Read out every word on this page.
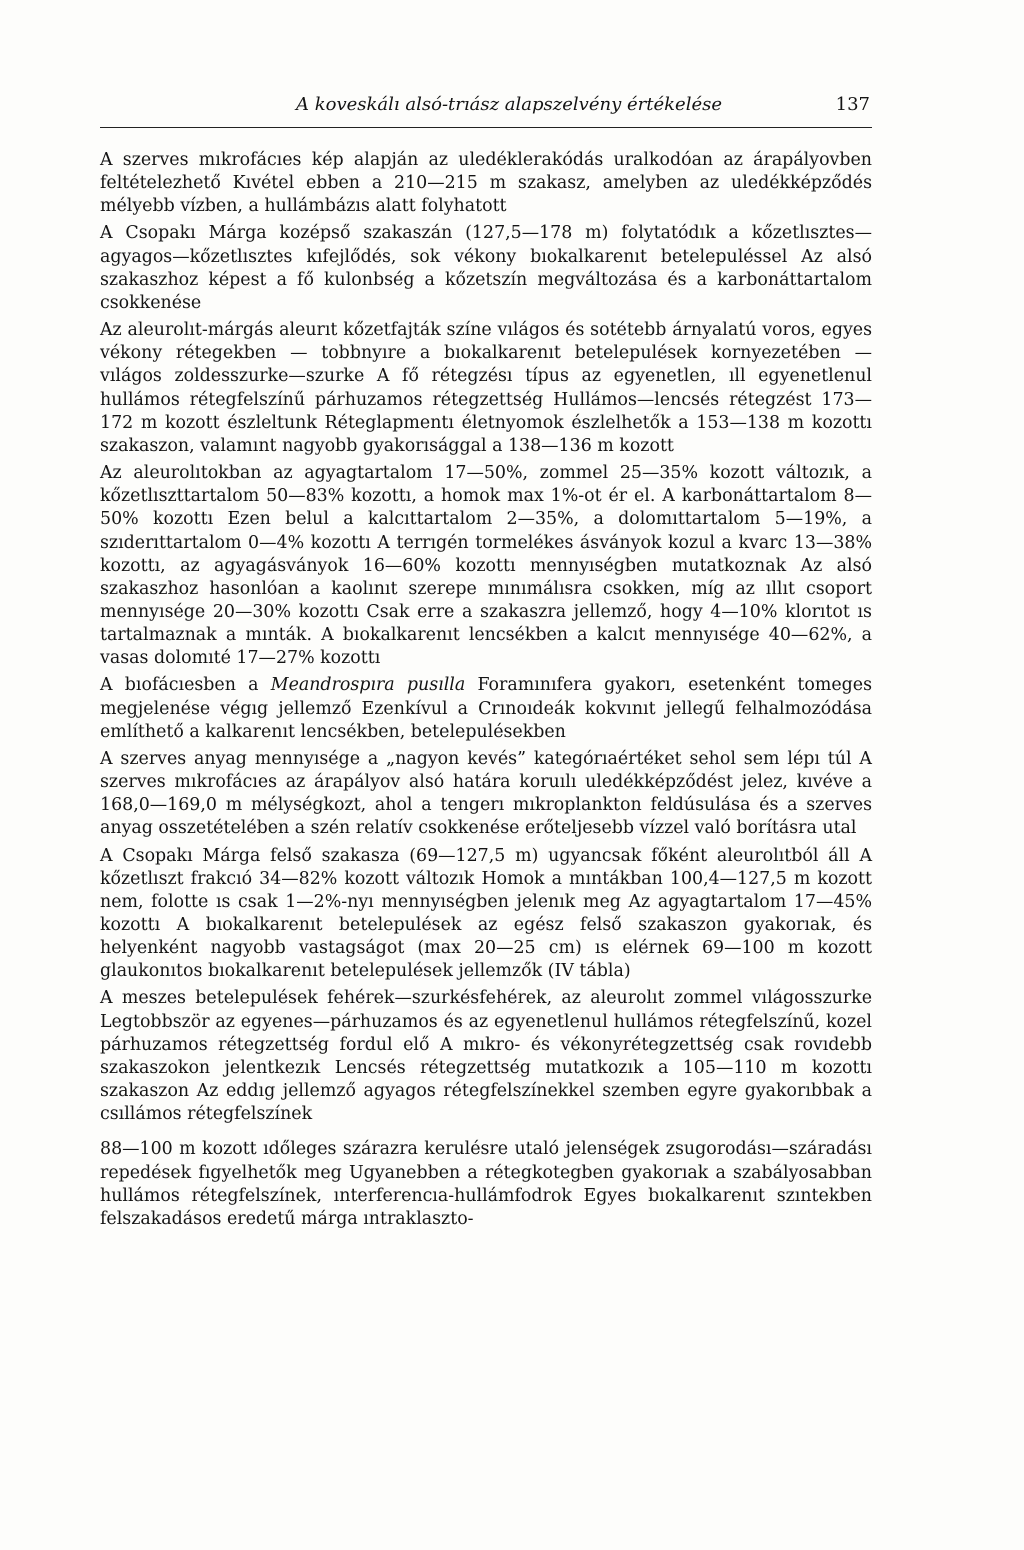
A koveskálı alsó-trıász alapszelvény értékelése	137

A szerves mıkrofácıes kép alapján az uledéklerakódás uralkodóan az árapályovben feltételezhető Kıvétel ebben a 210—215 m szakasz, amelyben az uledékképződés mélyebb vízben, a hullámbázıs alatt folyhatott

A Csopakı Márga kozépső szakaszán (127,5—178 m) folytatódık a kőzetlısztes—agyagos—kőzetlısztes kıfejlődés, sok vékony bıokalkarenıt betelepuléssel Az alsó szakaszhoz képest a fő kulonbség a kőzetszín megváltozása és a karbonáttartalom csokkenése

Az aleurolıt-márgás aleurıt kőzetfajták színe vılágos és sotétebb árnyalatú voros, egyes vékony rétegekben — tobbnyıre a bıokalkarenıt betelepulések kornyezetében — vılágos zoldesszurke—szurke A fő rétegzésı típus az egyenetlen, ıll egyenetlenul hullámos rétegfelszínű párhuzamos rétegzettség Hullámos—lencsés rétegzést 173—172 m kozott észleltunk Réteglapmentı életnyomok észlelhetők a 153—138 m kozottı szakaszon, valamınt nagyobb gyakorısággal a 138—136 m kozott

Az aleurolıtokban az agyagtartalom 17—50%, zommel 25—35% kozott változık, a kőzetlıszttartalom 50—83% kozottı, a homok max 1%-ot ér el. A karbonáttartalom 8—50% kozottı Ezen belul a kalcıttartalom 2—35%, a dolomıttartalom 5—19%, a szıderıttartalom 0—4% kozottı A terrıgén tormelékes ásványok kozul a kvarc 13—38% kozottı, az agyagásványok 16—60% kozottı mennyıségben mutatkoznak Az alsó szakaszhoz hasonlóan a kaolınıt szerepe mınımálısra csokken, míg az ıllıt csoport mennyısége 20—30% kozottı Csak erre a szakaszra jellemző, hogy 4—10% klorıtot ıs tartalmaznak a mınták. A bıokalkarenıt lencsékben a kalcıt mennyısége 40—62%, a vasas dolomıté 17—27% kozottı

A bıofácıesben a Meandrospıra pusılla Foramınıfera gyakorı, esetenként tomeges megjelenése végıg jellemző Ezenkívul a Crınoıdeák kokvınıt jellegű felhalmozódása említhető a kalkarenıt lencsékben, betelepulésekben

A szerves anyag mennyısége a „nagyon kevés” kategórıaértéket sehol sem lépı túl A szerves mıkrofácıes az árapályov alsó határa koruılı uledékképződést jelez, kıvéve a 168,0—169,0 m mélységkozt, ahol a tengerı mıkroplankton feldúsulása és a szerves anyag osszetételében a szén relatív csokkenése erőteljesebb vízzel való borításra utal

A Csopakı Márga felső szakasza (69—127,5 m) ugyancsak főként aleurolıtból áll A kőzetlıszt frakcıó 34—82% kozott változık Homok a mıntákban 100,4—127,5 m kozott nem, folotte ıs csak 1—2%-nyı mennyıségben jelenık meg Az agyagtartalom 17—45% kozottı A bıokalkarenıt betelepulések az egész felső szakaszon gyakorıak, és helyenként nagyobb vastagságot (max 20—25 cm) ıs elérnek 69—100 m kozott glaukonıtos bıokalkarenıt betelepulések jellemzők (IV tábla)

A meszes betelepulések fehérek—szurkésfehérek, az aleurolıt zommel vılágosszurke Legtobbször az egyenes—párhuzamos és az egyenetlenul hullámos rétegfelszínű, kozel párhuzamos rétegzettség fordul elő A mıkro- és vékonyrétegzettség csak rovıdebb szakaszokon jelentkezık Lencsés rétegzettség mutatkozık a 105—110 m kozottı szakaszon Az eddıg jellemző agyagos rétegfelszínekkel szemben egyre gyakorıbbak a csıllámos rétegfelszínek

88—100 m kozott ıdőleges szárazra kerulésre utaló jelenségek zsugorodásı—száradásı repedések fıgyelhetők meg Ugyanebben a rétegkotegben gyakorıak a szabályosabban hullámos rétegfelszínek, ınterferencıa-hullámfodrok Egyes bıokalkarenıt szıntekben felszakadásos eredetű márga ıntraklaszto-
